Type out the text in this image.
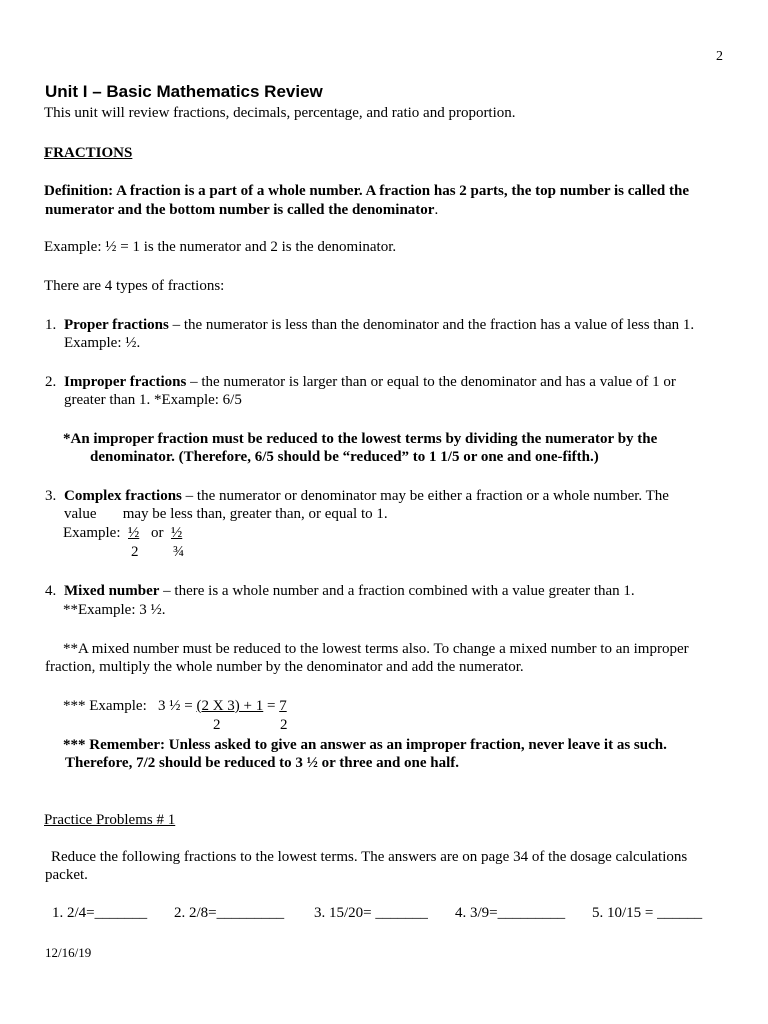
2
Unit I – Basic Mathematics Review
This unit will review fractions, decimals, percentage, and ratio and proportion.
FRACTIONS
Definition: A fraction is a part of a whole number. A fraction has 2 parts, the top number is called the
numerator and the bottom number is called the denominator.
Example: ½ = 1 is the numerator and 2 is the denominator.
There are 4 types of fractions:
1. Proper fractions – the numerator is less than the denominator and the fraction has a value of less than 1.
Example: ½.
2. Improper fractions – the numerator is larger than or equal to the denominator and has a value of 1 or
greater than 1. *Example: 6/5
*An improper fraction must be reduced to the lowest terms by dividing the numerator by the
denominator. (Therefore, 6/5 should be “reduced” to 1 1/5 or one and one-fifth.)
3. Complex fractions – the numerator or denominator may be either a fraction or a whole number. The
value       may be less than, greater than, or equal to 1.
Example: ½ or ½
2 ¾
4. Mixed number – there is a whole number and a fraction combined with a value greater than 1.
**Example: 3 ½.
**A mixed number must be reduced to the lowest terms also. To change a mixed number to an improper
fraction, multiply the whole number by the denominator and add the numerator.
*** Example:   3 ½ = (2 X 3) + 1 = 7
2	2
*** Remember: Unless asked to give an answer as an improper fraction, never leave it as such.
Therefore, 7/2 should be reduced to 3 ½ or three and one half.
Practice Problems # 1
Reduce the following fractions to the lowest terms. The answers are on page 34 of the dosage calculations
packet.
1. 2/4=_______ 2. 2/8=_________ 3. 15/20= _______ 4. 3/9=_________ 5. 10/15 = ______
12/16/19
